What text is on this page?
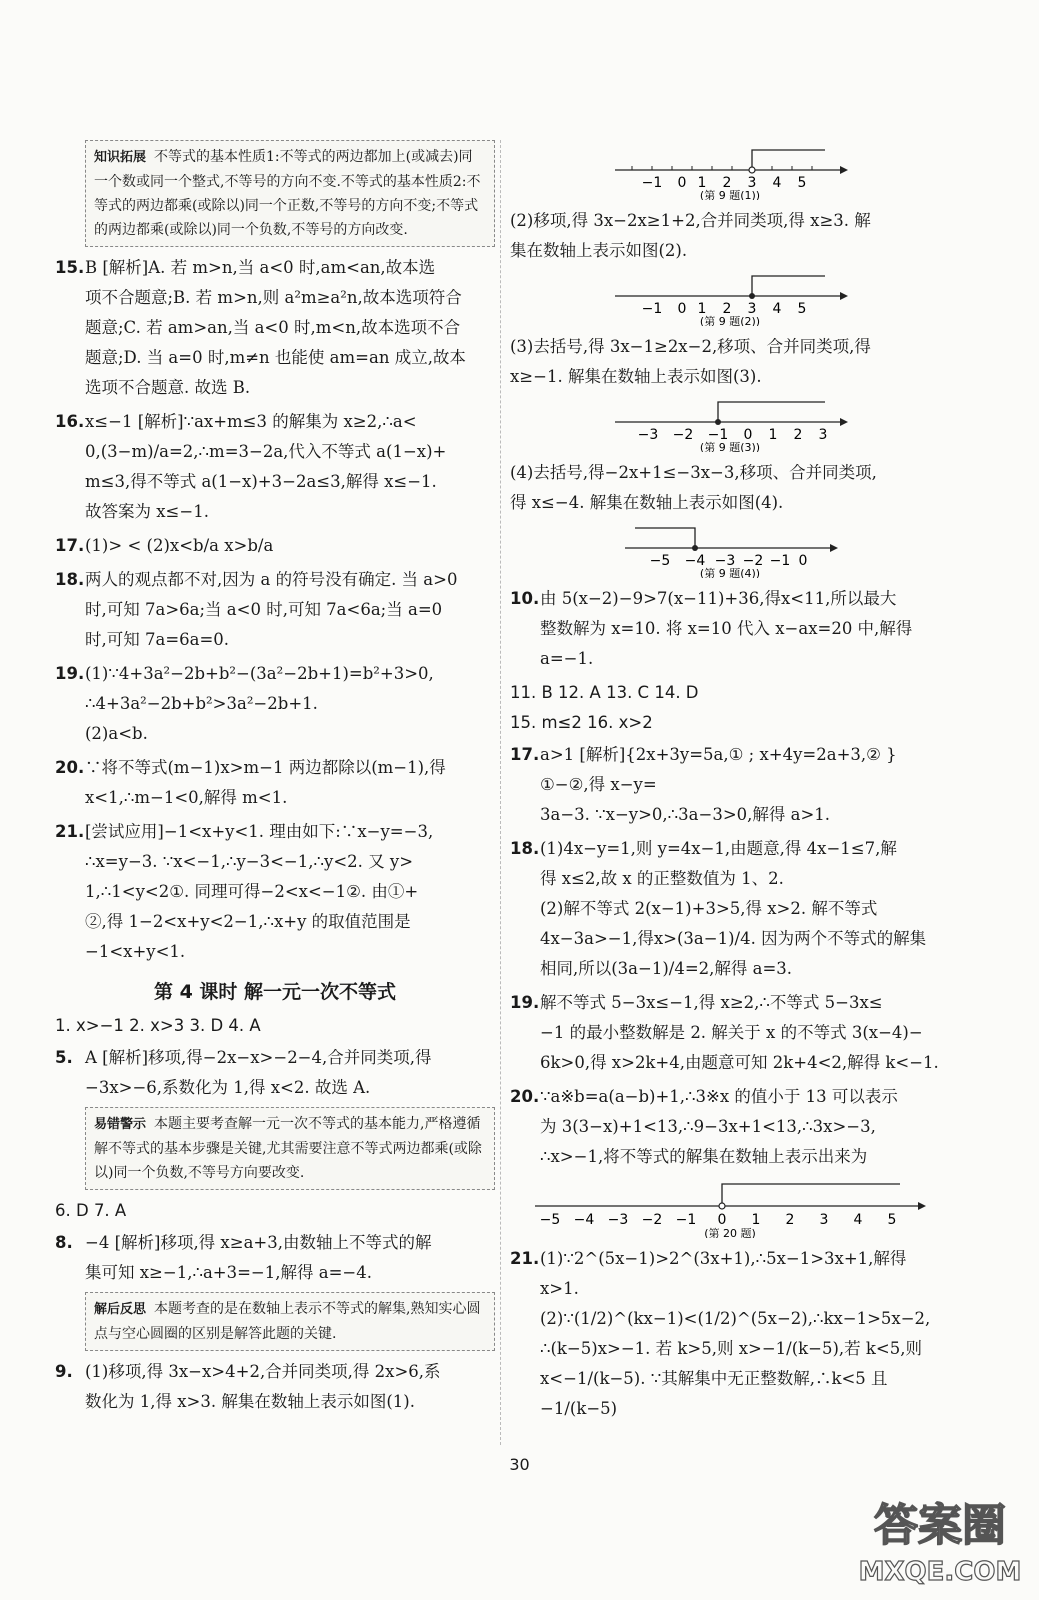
知识拓展 不等式的基本性质1:不等式的两边都加上(或减去)同一个数或同一个整式,不等号的方向不变.不等式的基本性质2:不等式的两边都乘(或除以)同一个正数,不等号的方向不变;不等式的两边都乘(或除以)同一个负数,不等号的方向改变.
15. B [解析]A. 若 m>n,当 a<0 时,am<an,故本选
项不合题意;B. 若 m>n,则 a²m≥a²n,故本选项符合
题意;C. 若 am>an,当 a<0 时,m<n,故本选项不合
题意;D. 当 a=0 时,m≠n 也能使 am=an 成立,故本
选项不合题意. 故选 B.
16. x≤−1 [解析]∵ax+m≤3 的解集为 x≥2,∴a<
0,(3−m)/a=2,∴m=3−2a,代入不等式 a(1−x)+
m≤3,得不等式 a(1−x)+3−2a≤3,解得 x≤−1.
故答案为 x≤−1.
17. (1)> < (2)x<b/a x>b/a
18. 两人的观点都不对,因为 a 的符号没有确定. 当 a>0
时,可知 7a>6a;当 a<0 时,可知 7a<6a;当 a=0
时,可知 7a=6a=0.
19. (1)∵4+3a²−2b+b²−(3a²−2b+1)=b²+3>0,
∴4+3a²−2b+b²>3a²−2b+1.
(2)a<b.
20. ∵将不等式(m−1)x>m−1 两边都除以(m−1),得
x<1,∴m−1<0,解得 m<1.
21. [尝试应用]−1<x+y<1. 理由如下:∵x−y=−3,
∴x=y−3. ∵x<−1,∴y−3<−1,∴y<2. 又 y>
1,∴1<y<2①. 同理可得−2<x<−1②. 由①+
②,得 1−2<x+y<2−1,∴x+y 的取值范围是
−1<x+y<1.
第 4 课时 解一元一次不等式
1. x>−1 2. x>3 3. D 4. A
5. A [解析]移项,得−2x−x>−2−4,合并同类项,得
−3x>−6,系数化为 1,得 x<2. 故选 A.
易错警示 本题主要考查解一元一次不等式的基本能力,严格遵循解不等式的基本步骤是关键,尤其需要注意不等式两边都乘(或除以)同一个负数,不等号方向要改变.
6. D 7. A
8. −4 [解析]移项,得 x≥a+3,由数轴上不等式的解
集可知 x≥−1,∴a+3=−1,解得 a=−4.
解后反思 本题考查的是在数轴上表示不等式的解集,熟知实心圆点与空心圆圈的区别是解答此题的关键.
9. (1)移项,得 3x−x>4+2,合并同类项,得 2x>6,系
数化为 1,得 x>3. 解集在数轴上表示如图(1).
−1 0 1 2 3 4 5
(第 9 题(1))
(2)移项,得 3x−2x≥1+2,合并同类项,得 x≥3. 解
集在数轴上表示如图(2).
−1 0 1 2 3 4 5
(第 9 题(2))
(3)去括号,得 3x−1≥2x−2,移项、合并同类项,得
x≥−1. 解集在数轴上表示如图(3).
−3 −2 −1 0 1 2 3
(第 9 题(3))
(4)去括号,得−2x+1≤−3x−3,移项、合并同类项,
得 x≤−4. 解集在数轴上表示如图(4).
−5 −4 −3 −2 −1 0
(第 9 题(4))
10. 由 5(x−2)−9>7(x−11)+36,得x<11,所以最大
整数解为 x=10. 将 x=10 代入 x−ax=20 中,解得
a=−1.
11. B 12. A 13. C 14. D
15. m≤2 16. x>2
17. a>1 [解析]{2x+3y=5a,① ; x+4y=2a+3,② } ①−②,得 x−y=
3a−3. ∵x−y>0,∴3a−3>0,解得 a>1.
18. (1)4x−y=1,则 y=4x−1,由题意,得 4x−1≤7,解
得 x≤2,故 x 的正整数值为 1、2.
(2)解不等式 2(x−1)+3>5,得 x>2. 解不等式
4x−3a>−1,得x>(3a−1)/4. 因为两个不等式的解集
相同,所以(3a−1)/4=2,解得 a=3.
19. 解不等式 5−3x≤−1,得 x≥2,∴不等式 5−3x≤
−1 的最小整数解是 2. 解关于 x 的不等式 3(x−4)−
6k>0,得 x>2k+4,由题意可知 2k+4<2,解得 k<−1.
20. ∵a※b=a(a−b)+1,∴3※x 的值小于 13 可以表示
为 3(3−x)+1<13,∴9−3x+1<13,∴3x>−3,
∴x>−1,将不等式的解集在数轴上表示出来为
−5 −4 −3 −2 −1 0 1 2 3 4 5
(第 20 题)
21. (1)∵2^(5x−1)>2^(3x+1),∴5x−1>3x+1,解得 x>1.
(2)∵(1/2)^(kx−1)<(1/2)^(5x−2),∴kx−1>5x−2,
∴(k−5)x>−1. 若 k>5,则 x>−1/(k−5),若 k<5,则
x<−1/(k−5). ∵其解集中无正整数解,∴k<5 且−1/(k−5)
30
答案圈
MXQE.COM
